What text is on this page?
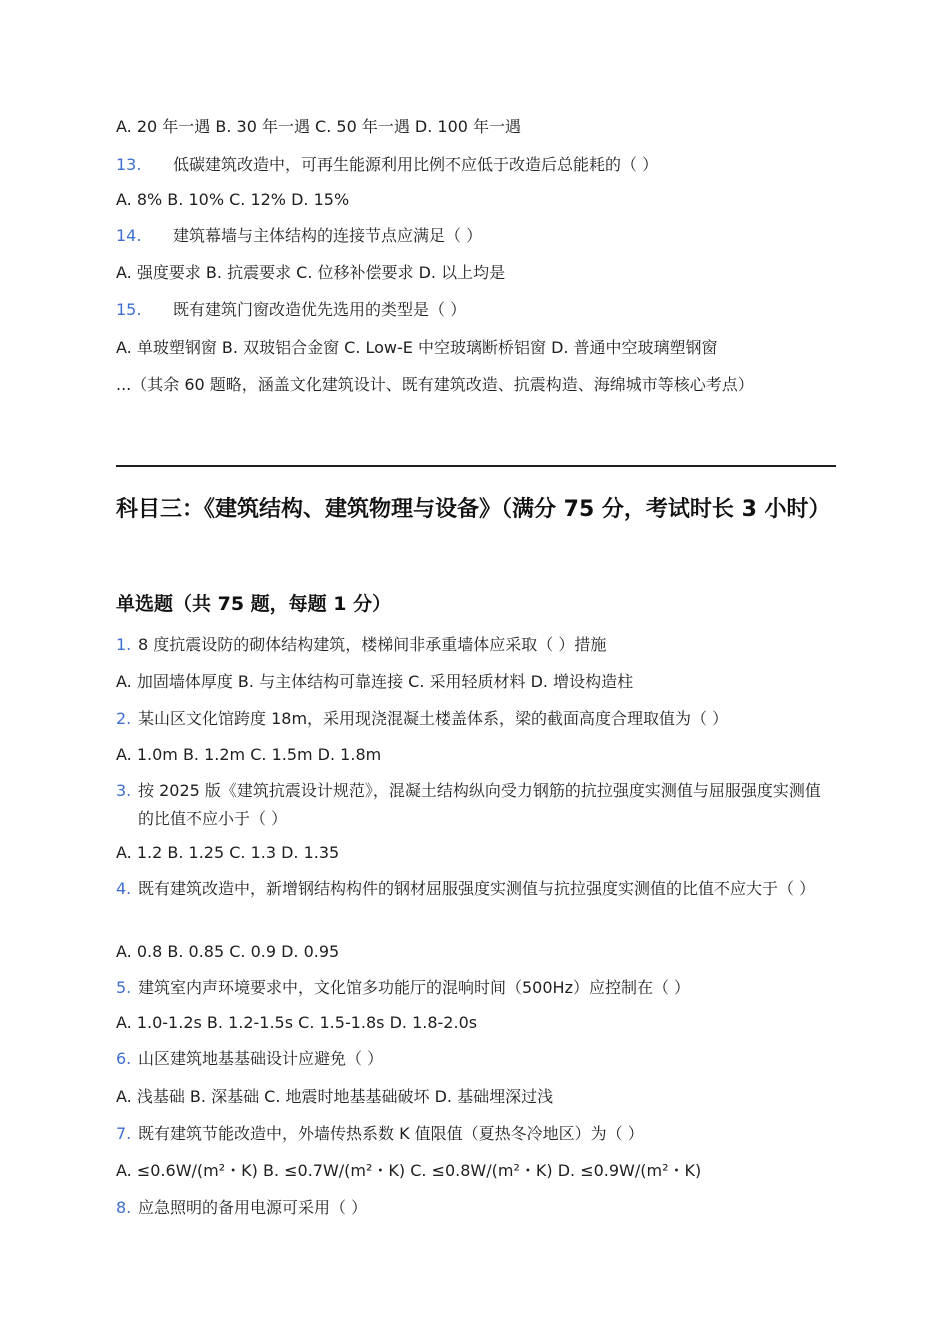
A. 20 年一遇 B. 30 年一遇 C. 50 年一遇 D. 100 年一遇
13. 低碳建筑改造中，可再生能源利用比例不应低于改造后总能耗的（ ）
A. 8% B. 10% C. 12% D. 15%
14. 建筑幕墙与主体结构的连接节点应满足（ ）
A. 强度要求 B. 抗震要求 C. 位移补偿要求 D. 以上均是
15. 既有建筑门窗改造优先选用的类型是（ ）
A. 单玻塑钢窗 B. 双玻铝合金窗 C. Low-E 中空玻璃断桥铝窗 D. 普通中空玻璃塑钢窗
...（其余 60 题略，涵盖文化建筑设计、既有建筑改造、抗震构造、海绵城市等核心考点）
科目三：《建筑结构、建筑物理与设备》（满分 75 分，考试时长 3 小时）
单选题（共 75 题，每题 1 分）
1. 8 度抗震设防的砌体结构建筑，楼梯间非承重墙体应采取（ ）措施
A. 加固墙体厚度 B. 与主体结构可靠连接 C. 采用轻质材料 D. 增设构造柱
2. 某山区文化馆跨度 18m，采用现浇混凝土楼盖体系，梁的截面高度合理取值为（ ）
A. 1.0m B. 1.2m C. 1.5m D. 1.8m
3. 按 2025 版《建筑抗震设计规范》，混凝土结构纵向受力钢筋的抗拉强度实测值与屈服强度实测值的比值不应小于（ ）
A. 1.2 B. 1.25 C. 1.3 D. 1.35
4. 既有建筑改造中，新增钢结构构件的钢材屈服强度实测值与抗拉强度实测值的比值不应大于（ ）
A. 0.8 B. 0.85 C. 0.9 D. 0.95
5. 建筑室内声环境要求中，文化馆多功能厅的混响时间（500Hz）应控制在（ ）
A. 1.0-1.2s B. 1.2-1.5s C. 1.5-1.8s D. 1.8-2.0s
6. 山区建筑地基基础设计应避免（ ）
A. 浅基础 B. 深基础 C. 地震时地基基础破坏 D. 基础埋深过浅
7. 既有建筑节能改造中，外墙传热系数 K 值限值（夏热冬冷地区）为（ ）
A. ≤0.6W/(m²・K) B. ≤0.7W/(m²・K) C. ≤0.8W/(m²・K) D. ≤0.9W/(m²・K)
8. 应急照明的备用电源可采用（ ）
